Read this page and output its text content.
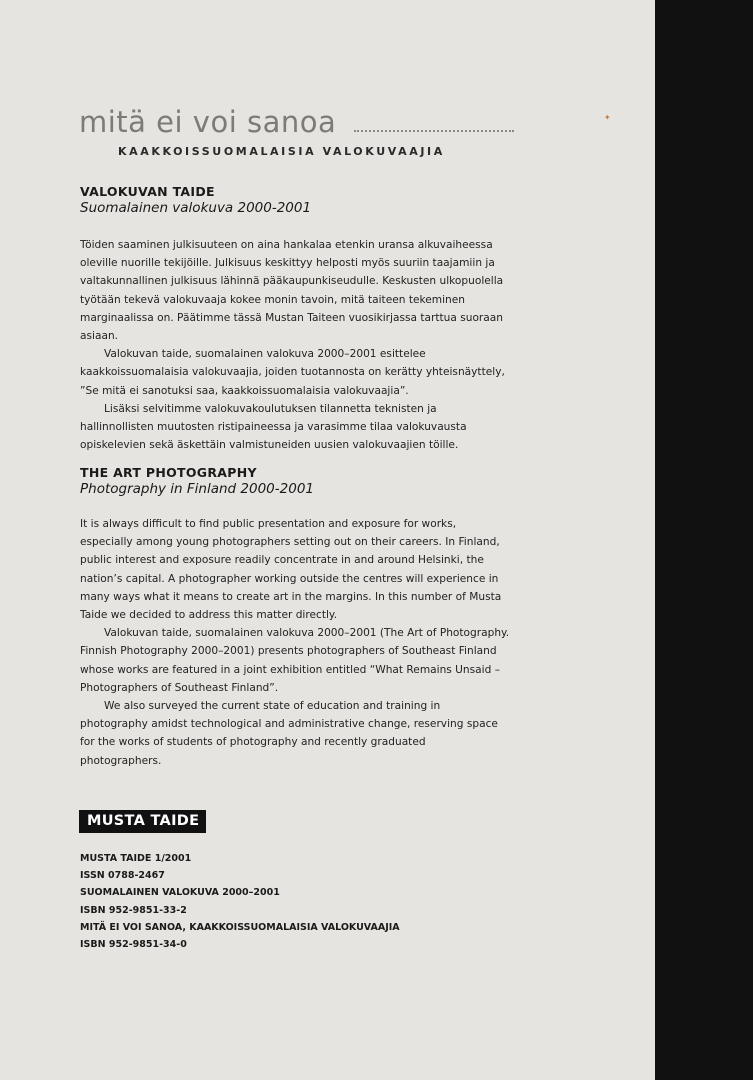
mitä ei voi sanoa	✦
KAAKKOISSUOMALAISIA VALOKUVAAJIA
VALOKUVAN TAIDE
Suomalainen valokuva 2000-2001

Töiden saaminen julkisuuteen on aina hankalaa etenkin uransa alkuvaiheessa oleville nuorille tekijöille. Julkisuus keskittyy helposti myös suuriin taajamiin ja valtakunnallinen julkisuus lähinnä pääkaupunkiseudulle. Keskusten ulkopuolella työtään tekevä valokuvaaja kokee monin tavoin, mitä taiteen tekeminen marginaalissa on. Päätimme tässä Mustan Taiteen vuosikirjassa tarttua suoraan asiaan.

Valokuvan taide, suomalainen valokuva 2000–2001 esittelee kaakkoissuomalaisia valokuvaajia, joiden tuotannosta on kerätty yhteisnäyttely, ”Se mitä ei sanotuksi saa, kaakkoissuomalaisia valokuvaajia”.

Lisäksi selvitimme valokuvakoulutuksen tilannetta teknisten ja hallinnollisten muutosten ristipaineessa ja varasimme tilaa valokuvausta opiskelevien sekä äskettäin valmistuneiden uusien valokuvaajien töille.

THE ART PHOTOGRAPHY
Photography in Finland 2000-2001

It is always difficult to find public presentation and exposure for works, especially among young photographers setting out on their careers. In Finland, public interest and exposure readily concentrate in and around Helsinki, the nation’s capital. A photographer working outside the centres will experience in many ways what it means to create art in the margins. In this number of Musta Taide we decided to address this matter directly.

Valokuvan taide, suomalainen valokuva 2000–2001 (The Art of Photography. Finnish Photography 2000–2001) presents photographers of Southeast Finland whose works are featured in a joint exhibition entitled “What Remains Unsaid – Photographers of Southeast Finland”.

We also surveyed the current state of education and training in photography amidst technological and administrative change, reserving space for the works of students of photography and recently graduated photographers.

MUSTA TAIDE
MUSTA TAIDE 1/2001
ISSN 0788-2467
SUOMALAINEN VALOKUVA 2000–2001
ISBN 952-9851-33-2
MITÄ EI VOI SANOA, KAAKKOISSUOMALAISIA VALOKUVAAJIA
ISBN 952-9851-34-0
